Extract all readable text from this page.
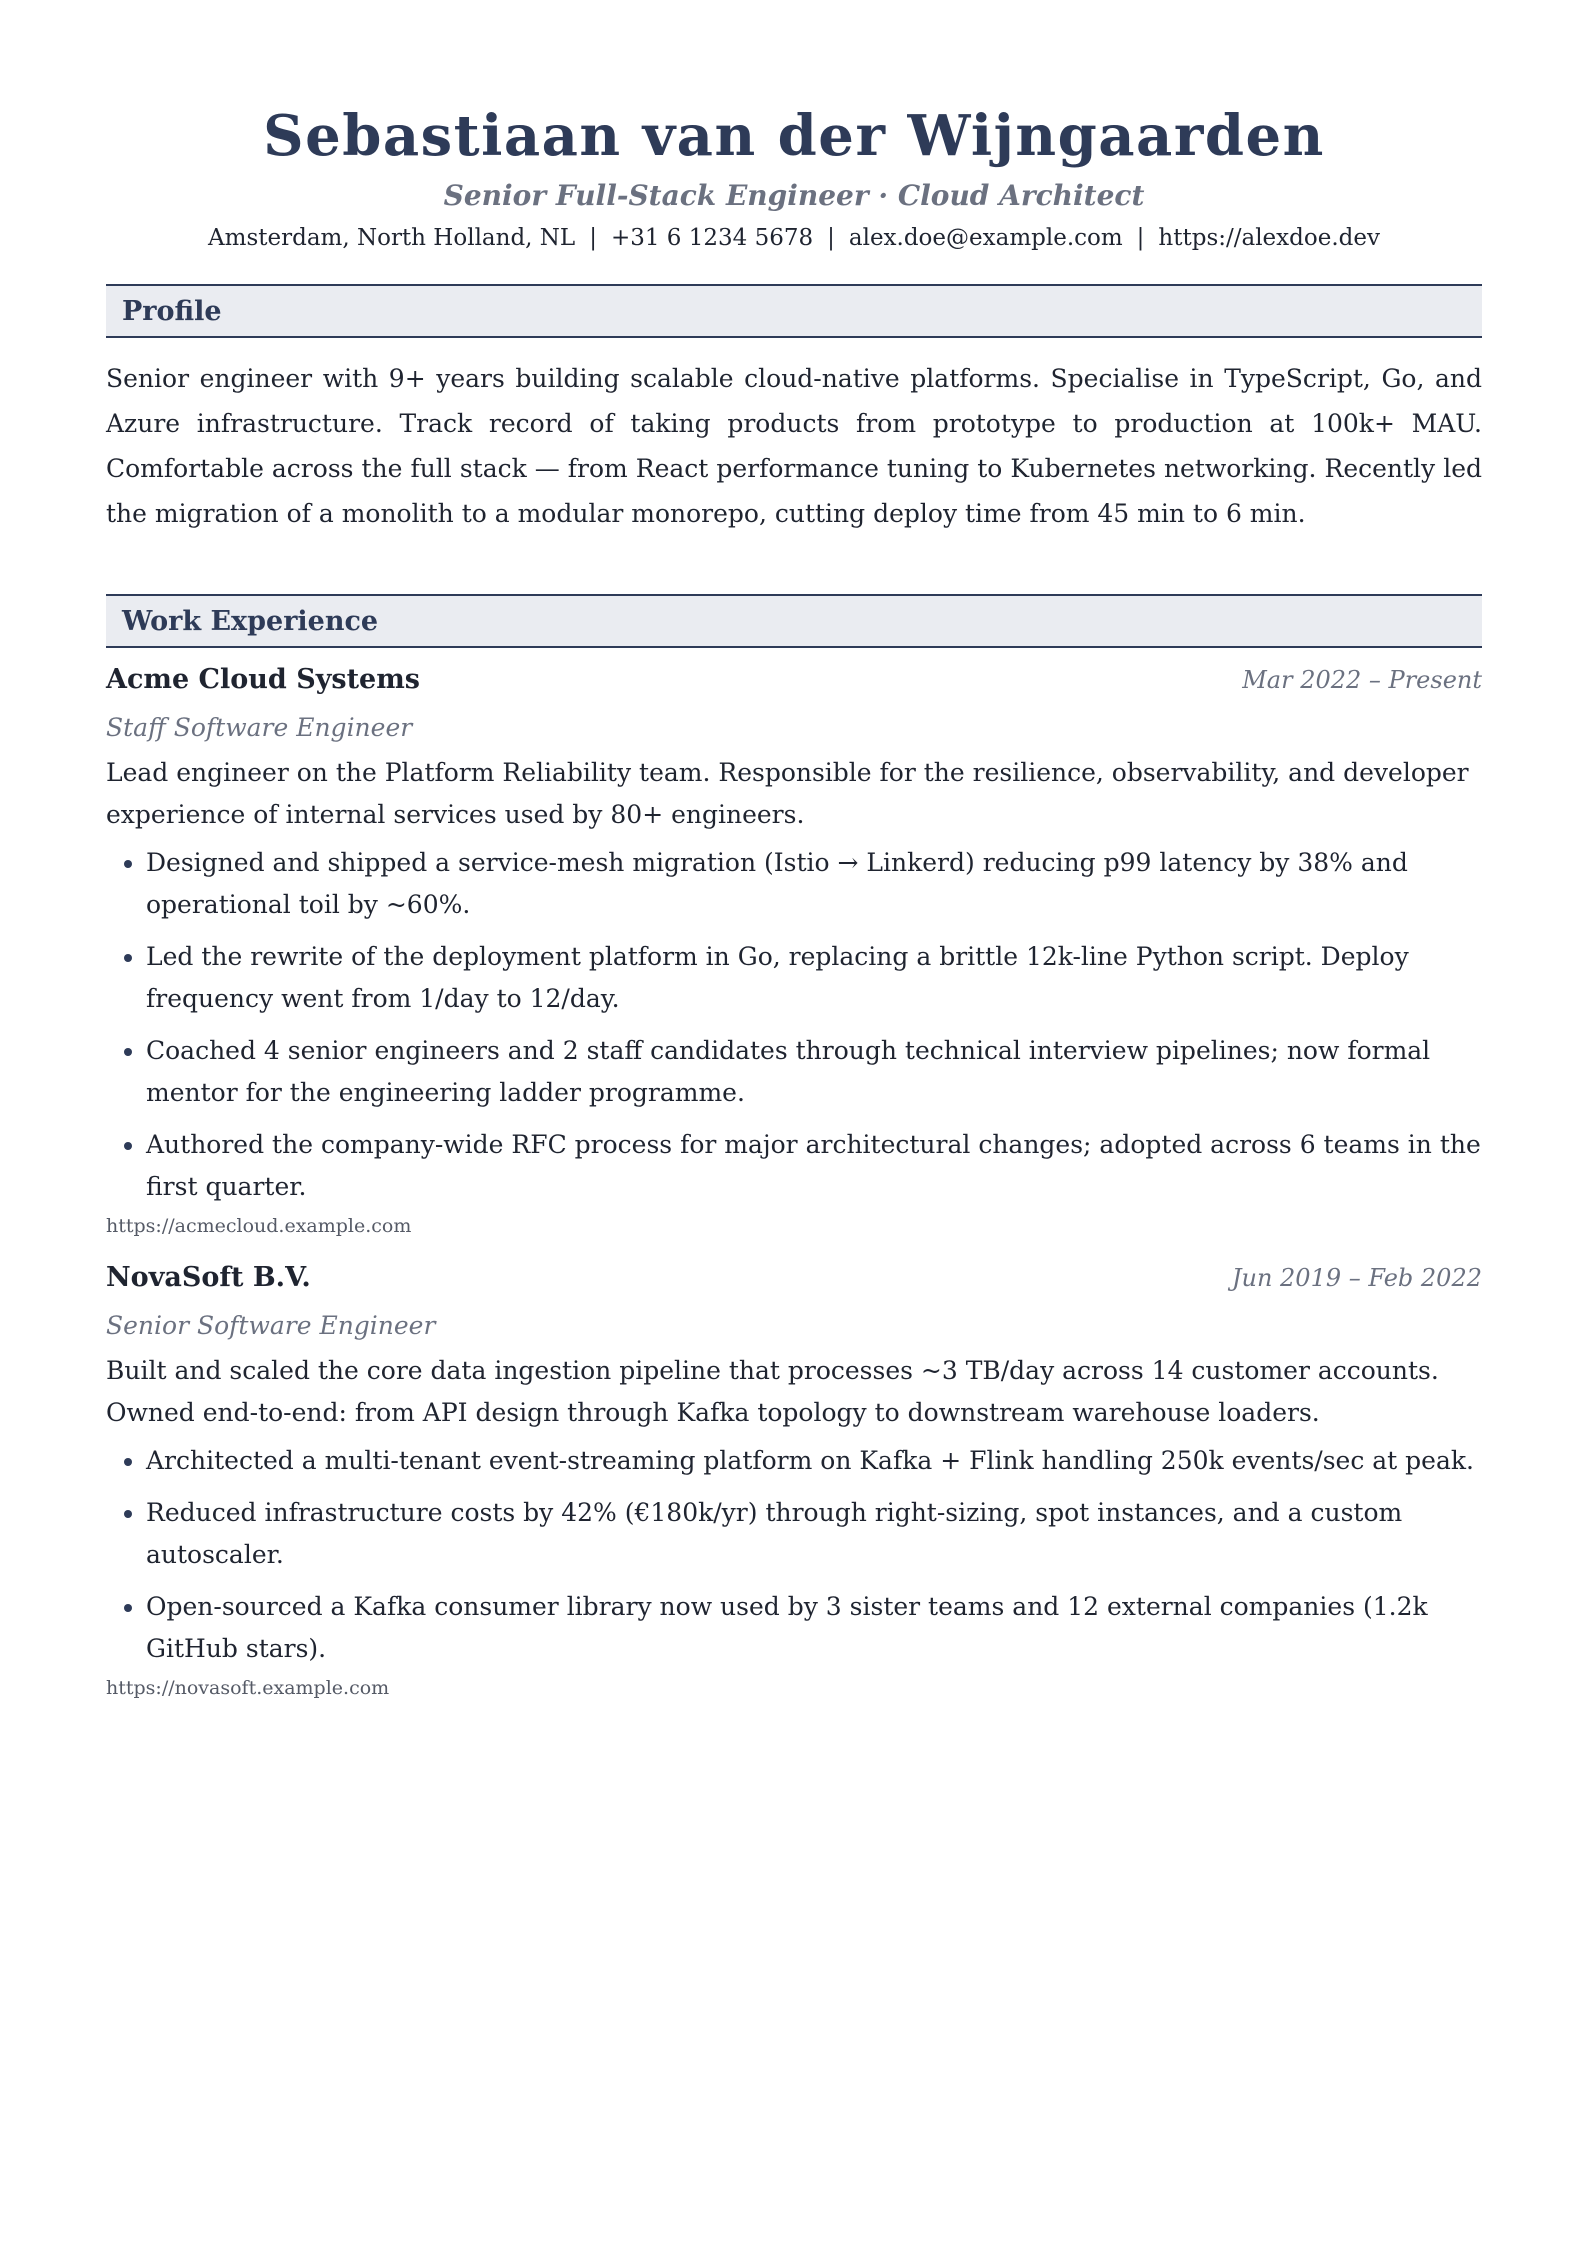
Sebastiaan van der Wijngaarden
Senior Full-Stack Engineer · Cloud Architect
Amsterdam, North Holland, NL | +31 6 1234 5678 | alex.doe@example.com | https://alexdoe.dev
Profile
Senior engineer with 9+ years building scalable cloud-native platforms. Specialise in TypeScript, Go, and Azure infrastructure. Track record of taking products from prototype to production at 100k+ MAU. Comfortable across the full stack — from React performance tuning to Kubernetes networking. Recently led the migration of a monolith to a modular monorepo, cutting deploy time from 45 min to 6 min.
Work Experience
Acme Cloud Systems	Mar 2022 – Present
Staff Software Engineer
Lead engineer on the Platform Reliability team. Responsible for the resilience, observability, and developer experience of internal services used by 80+ engineers.
• Designed and shipped a service-mesh migration (Istio → Linkerd) reducing p99 latency by 38% and operational toil by ~60%.
• Led the rewrite of the deployment platform in Go, replacing a brittle 12k-line Python script. Deploy frequency went from 1/day to 12/day.
• Coached 4 senior engineers and 2 staff candidates through technical interview pipelines; now formal mentor for the engineering ladder programme.
• Authored the company-wide RFC process for major architectural changes; adopted across 6 teams in the first quarter.
https://acmecloud.example.com
NovaSoft B.V.	Jun 2019 – Feb 2022
Senior Software Engineer
Built and scaled the core data ingestion pipeline that processes ~3 TB/day across 14 customer accounts. Owned end-to-end: from API design through Kafka topology to downstream warehouse loaders.
• Architected a multi-tenant event-streaming platform on Kafka + Flink handling 250k events/sec at peak.
• Reduced infrastructure costs by 42% (€180k/yr) through right-sizing, spot instances, and a custom autoscaler.
• Open-sourced a Kafka consumer library now used by 3 sister teams and 12 external companies (1.2k GitHub stars).
https://novasoft.example.com
